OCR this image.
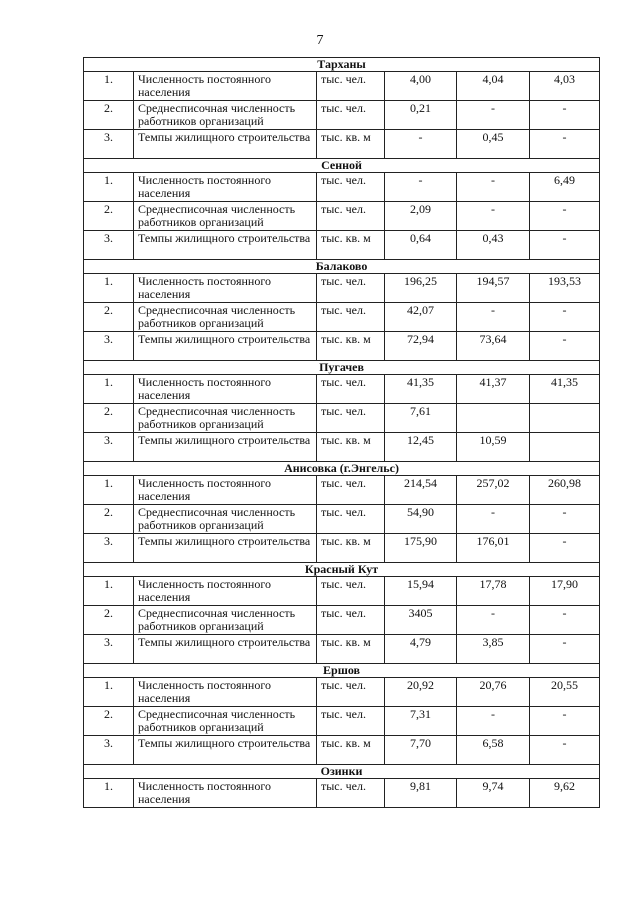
7
Тарханы					
1.	Численность постоянного населения	тыс. чел.	4,00	4,04	4,03
2.	Среднесписочная численность работников организаций	тыс. чел.	0,21	-	-
3.	Темпы жилищного строительства	тыс. кв. м	-	0,45	-
Сенной					
1.	Численность постоянного населения	тыс. чел.	-	-	6,49
2.	Среднесписочная численность работников организаций	тыс. чел.	2,09	-	-
3.	Темпы жилищного строительства	тыс. кв. м	0,64	0,43	-
Балаково					
1.	Численность постоянного населения	тыс. чел.	196,25	194,57	193,53
2.	Среднесписочная численность работников организаций	тыс. чел.	42,07	-	-
3.	Темпы жилищного строительства	тыс. кв. м	72,94	73,64	-
Пугачев					
1.	Численность постоянного населения	тыс. чел.	41,35	41,37	41,35
2.	Среднесписочная численность работников организаций	тыс. чел.	7,61		
3.	Темпы жилищного строительства	тыс. кв. м	12,45	10,59	
Анисовка (г.Энгельс)					
1.	Численность постоянного населения	тыс. чел.	214,54	257,02	260,98
2.	Среднесписочная численность работников организаций	тыс. чел.	54,90	-	-
3.	Темпы жилищного строительства	тыс. кв. м	175,90	176,01	-
Красный Кут					
1.	Численность постоянного населения	тыс. чел.	15,94	17,78	17,90
2.	Среднесписочная численность работников организаций	тыс. чел.	3405	-	-
3.	Темпы жилищного строительства	тыс. кв. м	4,79	3,85	-
Ершов					
1.	Численность постоянного населения	тыс. чел.	20,92	20,76	20,55
2.	Среднесписочная численность работников организаций	тыс. чел.	7,31	-	-
3.	Темпы жилищного строительства	тыс. кв. м	7,70	6,58	-
Озинки					
1.	Численность постоянного населения	тыс. чел.	9,81	9,74	9,62
